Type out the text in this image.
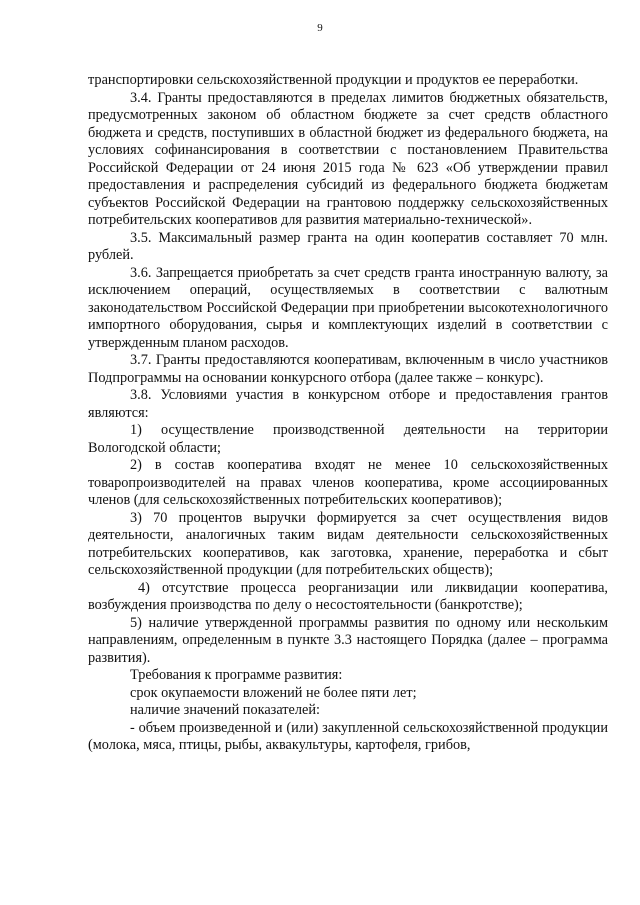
9

транспортировки сельскохозяйственной продукции и продуктов ее переработки.

3.4. Гранты предоставляются в пределах лимитов бюджетных обязательств, предусмотренных законом об областном бюджете за счет средств областного бюджета и средств, поступивших в областной бюджет из федерального бюджета, на условиях софинансирования в соответствии с постановлением Правительства Российской Федерации от 24 июня 2015 года № 623 «Об утверждении правил предоставления и распределения субсидий из федерального бюджета бюджетам субъектов Российской Федерации на грантовою поддержку сельскохозяйственных потребительских кооперативов для развития материально-технической».

3.5. Максимальный размер гранта на один кооператив составляет 70 млн. рублей.

3.6. Запрещается приобретать за счет средств гранта иностранную валюту, за исключением операций, осуществляемых в соответствии с валютным законодательством Российской Федерации при приобретении высокотехнологичного импортного оборудования, сырья и комплектующих изделий в соответствии с утвержденным планом расходов.

3.7. Гранты предоставляются кооперативам, включенным в число участников Подпрограммы на основании конкурсного отбора (далее также – конкурс).

3.8. Условиями участия в конкурсном отборе и предоставления грантов являются:

1) осуществление производственной деятельности на территории Вологодской области;

2) в состав кооператива входят не менее 10 сельскохозяйственных товаропроизводителей на правах членов кооператива, кроме ассоциированных членов (для сельскохозяйственных потребительских кооперативов);

3) 70 процентов выручки формируется за счет осуществления видов деятельности, аналогичных таким видам деятельности сельскохозяйственных потребительских кооперативов, как заготовка, хранение, переработка и сбыт сельскохозяйственной продукции (для потребительских обществ);

4) отсутствие процесса реорганизации или ликвидации кооператива, возбуждения производства по делу о несостоятельности (банкротстве);

5) наличие утвержденной программы развития по одному или нескольким направлениям, определенным в пункте 3.3 настоящего Порядка (далее – программа развития).

Требования к программе развития:

срок окупаемости вложений не более пяти лет;

наличие значений показателей:

- объем произведенной и (или) закупленной сельскохозяйственной продукции (молока, мяса, птицы, рыбы, аквакультуры, картофеля, грибов,
